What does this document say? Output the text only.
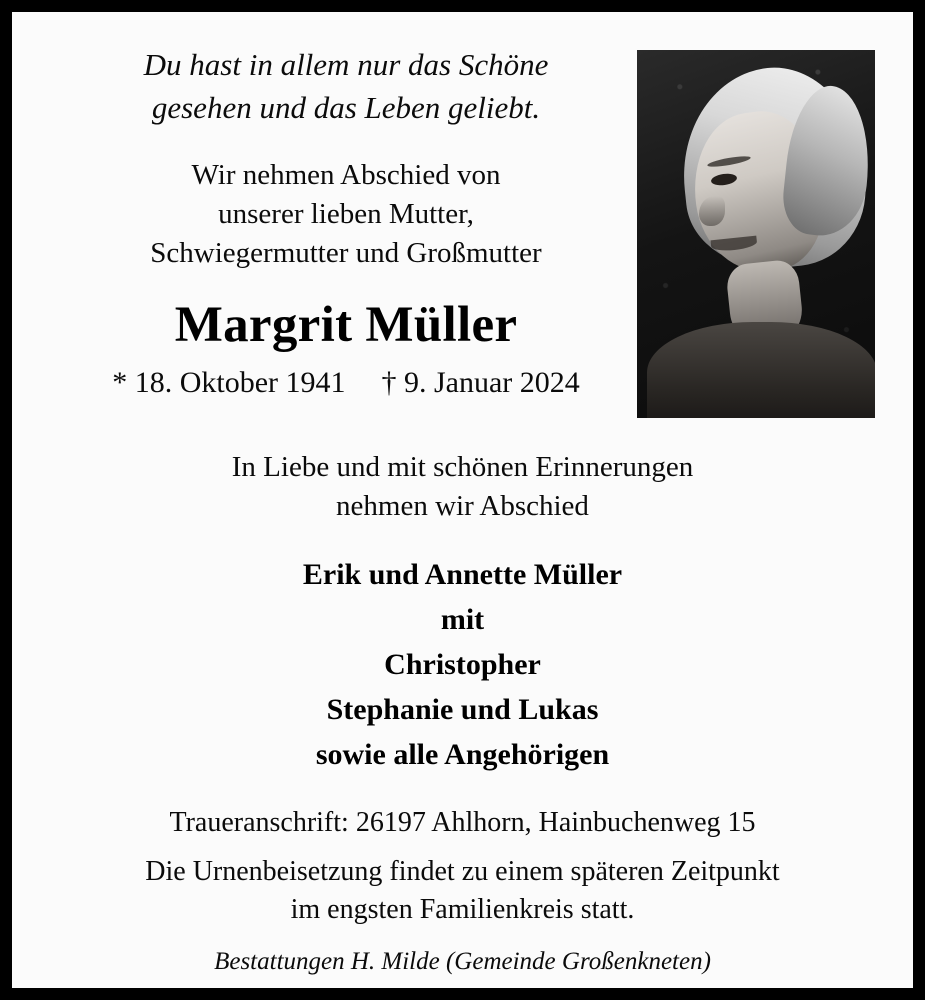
Du hast in allem nur das Schöne
gesehen und das Leben geliebt.
Wir nehmen Abschied von
unserer lieben Mutter,
Schwiegermutter und Großmutter
Margrit Müller
* 18. Oktober 1941 † 9. Januar 2024
In Liebe und mit schönen Erinnerungen
nehmen wir Abschied
Erik und Annette Müller
mit
Christopher
Stephanie und Lukas
sowie alle Angehörigen
Traueranschrift: 26197 Ahlhorn, Hainbuchenweg 15
Die Urnenbeisetzung findet zu einem späteren Zeitpunkt
im engsten Familienkreis statt.
Bestattungen H. Milde (Gemeinde Großenkneten)
